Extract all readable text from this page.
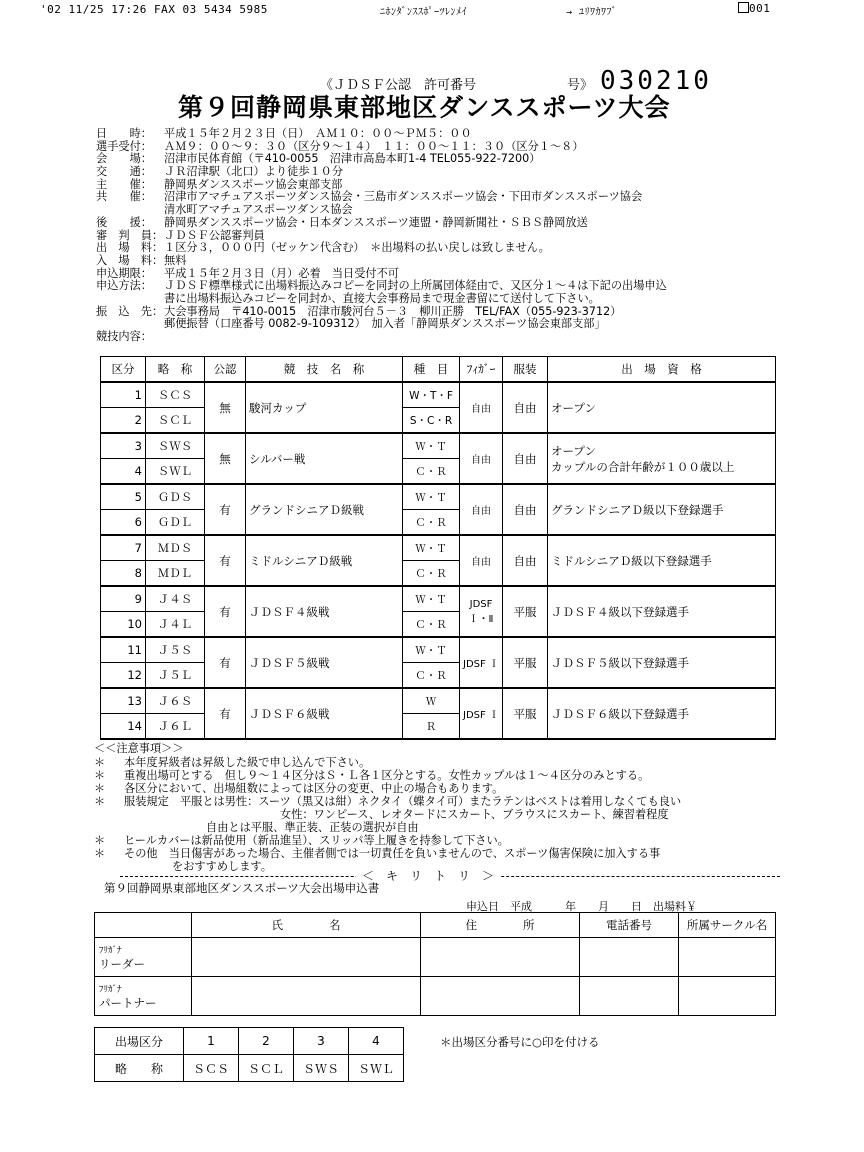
'02 11/25 17:26 FAX 03 5434 5985	ﾆﾎﾝﾀﾞﾝｽｽﾎﾟｰﾂﾚﾝﾒｲ	→ ﾕﾘﾜｶﾜﾌﾞ	001
《ＪＤＳＦ公認　許可番号　　　　　　　号》 030210
第９回静岡県東部地区ダンススポーツ大会
日　　時：	平成１５年２月２３日（日）　ＡＭ１０：００～ＰＭ５：００
選手受付：	ＡＭ９：００～９：３０（区分９～１４）　１１：００～１１：３０（区分１～８）
会　　場：	沼津市民体育館（〒410-0055　沼津市高島本町1-4 TEL055-922-7200）
交　　通：	ＪＲ沼津駅（北口）より徒歩１０分
主　　催：	静岡県ダンススポーツ協会東部支部
共　　催：	沼津市アマチュアスポーツダンス協会・三島市ダンススポーツ協会・下田市ダンススポーツ協会
清水町アマチュアスポーツダンス協会
後　　援：	静岡県ダンススポーツ協会・日本ダンススポーツ連盟・静岡新聞社・ＳＢＳ静岡放送
審　判　員： ＪＤＳＦ公認審判員
出　場　料： １区分３，０００円（ゼッケン代含む）　＊出場料の払い戻しは致しません。
入　場　料： 無料
申込期限：	平成１５年２月３日（月）必着　当日受付不可
申込方法：	ＪＤＳＦ標準様式に出場料振込みコピーを同封の上所属団体経由で、又区分１～４は下記の出場申込
書に出場料振込みコピーを同封か、直接大会事務局まで現金書留にて送付して下さい。
振　込　先： 大会事務局　〒410-0015　沼津市駿河台５－３　柳川正勝　TEL/FAX（055-923-3712）
郵便振替（口座番号 0082-9-109312）　加入者「静岡県ダンススポーツ協会東部支部」
競技内容：
区分	略　称	公認	競　技　名　称	種　目	ﾌｨｶﾞｰ	服装	出　場　資　格
1	ＳＣＳ	無	駿河カップ	W・T・F	自由	自由	オープン

2	ＳＣＬ			S・C・R			
3	ＳＷＳ	無	シルバー戦	Ｗ・Ｔ	自由	自由	オープン
カップルの合計年齢が１００歳以上

4	ＳＷＬ			Ｃ・Ｒ			
5	ＧＤＳ	有	グランドシニアＤ級戦	Ｗ・Ｔ	自由	自由	グランドシニアＤ級以下登録選手

6	ＧＤＬ			Ｃ・Ｒ			
7	ＭＤＳ	有	ミドルシニアＤ級戦	Ｗ・Ｔ	自由	自由	ミドルシニアＤ級以下登録選手

8	ＭＤＬ			Ｃ・Ｒ			
9	Ｊ４Ｓ	有	ＪＤＳＦ４級戦	Ｗ・Ｔ	JDSF Ｉ・Ⅱ	平服	ＪＤＳＦ４級以下登録選手

10	Ｊ４Ｌ			Ｃ・Ｒ			
11	Ｊ５Ｓ	有	ＪＤＳＦ５級戦	Ｗ・Ｔ	JDSF Ｉ	平服	ＪＤＳＦ５級以下登録選手

12	Ｊ５Ｌ			Ｃ・Ｒ			
13	Ｊ６Ｓ	有	ＪＤＳＦ６級戦	Ｗ	JDSF Ｉ	平服	ＪＤＳＦ６級以下登録選手

14	Ｊ６Ｌ			Ｒ			
＜＜注意事項＞＞
＊ 本年度昇級者は昇級した級で申し込んで下さい。
＊ 重複出場可とする　但し９～１４区分はＳ・Ｌ各１区分とする。女性カップルは１～４区分のみとする。
＊ 各区分において、出場組数によっては区分の変更、中止の場合もあります。
＊ 服装規定　平服とは男性：スーツ（黒又は紺）ネクタイ（蝶タイ可）またラテンはベストは着用しなくても良い
女性：ワンピース、レオタードにスカート、ブラウスにスカート、練習着程度
自由とは平服、準正装、正装の選択が自由
＊ ヒールカバーは新品使用（新品進呈）、スリッパ等上履きを持参して下さい。
＊ その他　当日傷害があった場合、主催者側では一切責任を負いませんので、スポーツ傷害保険に加入する事
をおすすめします。
＜　キ　リ　ト　リ　＞
第９回静岡県東部地区ダンススポーツ大会出場申込書
申込日　平成　　　年　　月　　日　出場料￥
	氏　　　　名	住　　　　所	電話番号	所属サークル名

ﾌﾘｶﾞﾅ
リーダー				

ﾌﾘｶﾞﾅ
パートナー				

出場区分	1	2	3	4
略　　称	ＳＣＳ	ＳＣＬ	ＳＷＳ	ＳＷＬ
＊出場区分番号に○印を付ける
